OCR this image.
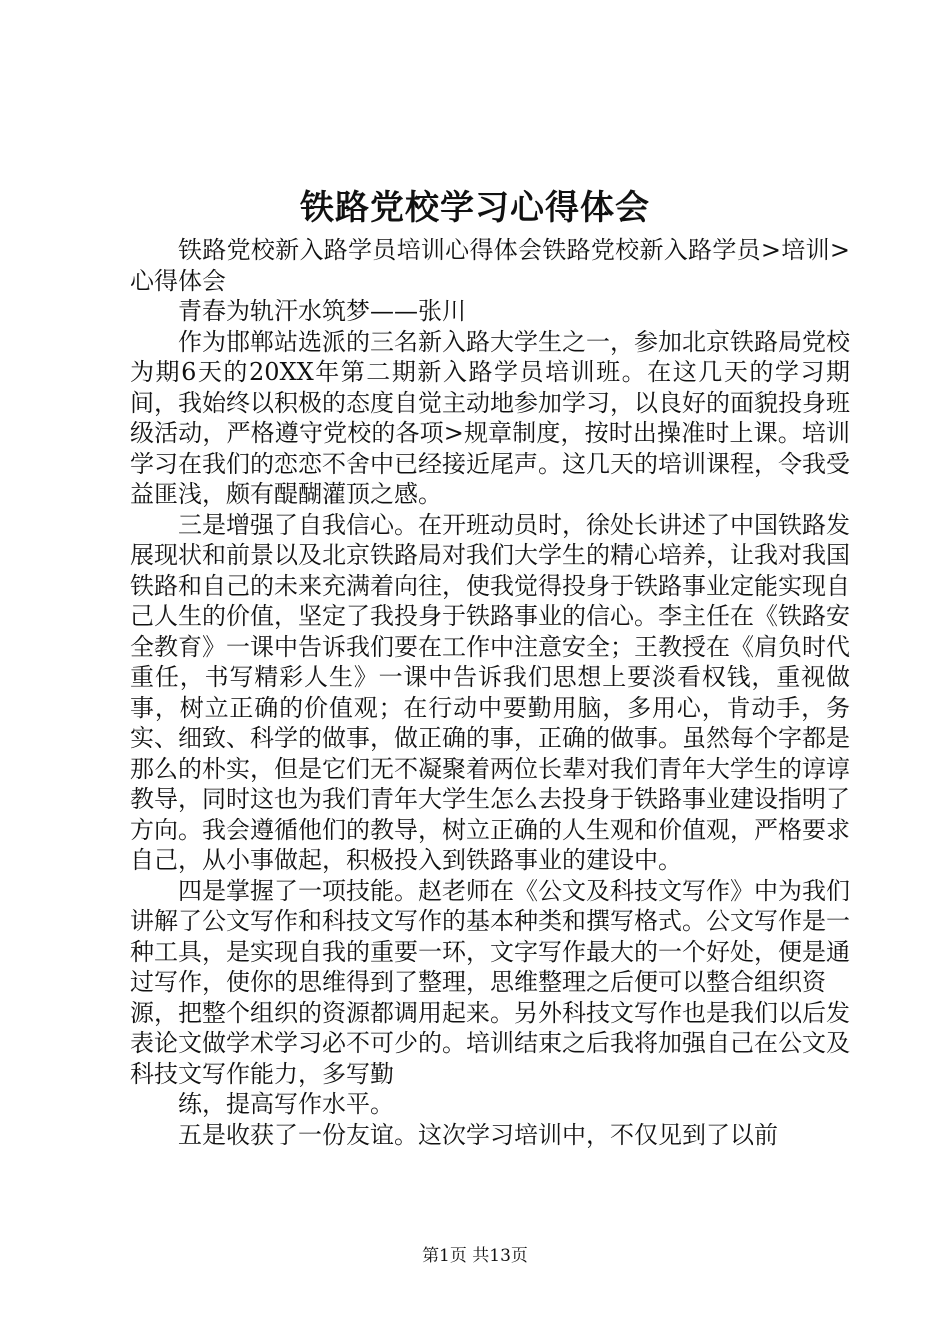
铁路党校学习心得体会

铁路党校新入路学员培训心得体会铁路党校新入路学员>培训>心得体会

青春为轨汗水筑梦——张川

作为邯郸站选派的三名新入路大学生之一，参加北京铁路局党校为期6天的20XX年第二期新入路学员培训班。在这几天的学习期间，我始终以积极的态度自觉主动地参加学习，以良好的面貌投身班级活动，严格遵守党校的各项>规章制度，按时出操准时上课。培训学习在我们的恋恋不舍中已经接近尾声。这几天的培训课程，令我受益匪浅，颇有醍醐灌顶之感。

三是增强了自我信心。在开班动员时，徐处长讲述了中国铁路发展现状和前景以及北京铁路局对我们大学生的精心培养，让我对我国铁路和自己的未来充满着向往，使我觉得投身于铁路事业定能实现自己人生的价值，坚定了我投身于铁路事业的信心。李主任在《铁路安全教育》一课中告诉我们要在工作中注意安全；王教授在《肩负时代重任，书写精彩人生》一课中告诉我们思想上要淡看权钱，重视做事，树立正确的价值观；在行动中要勤用脑，多用心，肯动手，务实、细致、科学的做事，做正确的事，正确的做事。虽然每个字都是那么的朴实，但是它们无不凝聚着两位长辈对我们青年大学生的谆谆教导，同时这也为我们青年大学生怎么去投身于铁路事业建设指明了方向。我会遵循他们的教导，树立正确的人生观和价值观，严格要求自己，从小事做起，积极投入到铁路事业的建设中。

四是掌握了一项技能。赵老师在《公文及科技文写作》中为我们讲解了公文写作和科技文写作的基本种类和撰写格式。公文写作是一种工具，是实现自我的重要一环，文字写作最大的一个好处，便是通过写作，使你的思维得到了整理，思维整理之后便可以整合组织资源，把整个组织的资源都调用起来。另外科技文写作也是我们以后发表论文做学术学习必不可少的。培训结束之后我将加强自己在公文及科技文写作能力，多写勤

练，提高写作水平。

五是收获了一份友谊。这次学习培训中，不仅见到了以前

第1页 共13页
